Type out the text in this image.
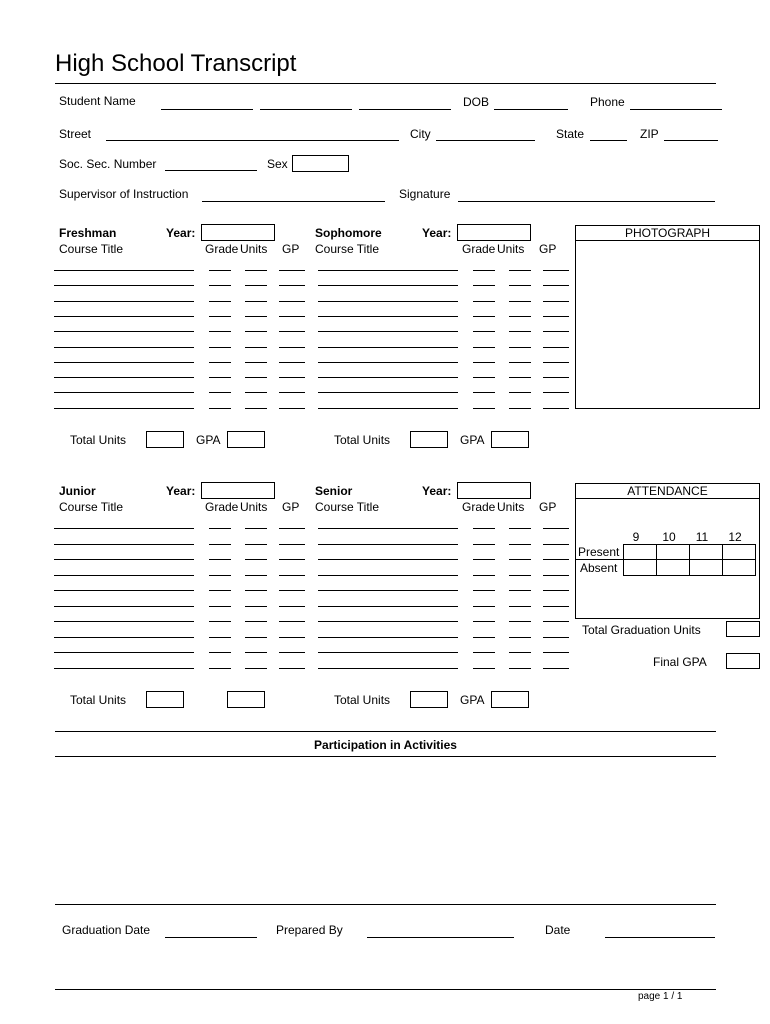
High School Transcript
Student Name	DOB	Phone
Street	City	State	ZIP
Soc. Sec. Number	Sex
Supervisor of Instruction	Signature
Freshman	Year:
Course Title	Grade Units GP
Total Units	GPA
Sophomore	Year:
Course Title	Grade Units GP
Total Units	GPA
PHOTOGRAPH
Junior	Year:
Course Title	Grade Units GP
Total Units
Senior	Year:
Course Title	Grade Units GP
Total Units	GPA
ATTENDANCE
9	10	11	12
Present
Absent
Total Graduation Units
Final GPA
Participation in Activities
Graduation Date	Prepared By	Date
page 1 / 1
